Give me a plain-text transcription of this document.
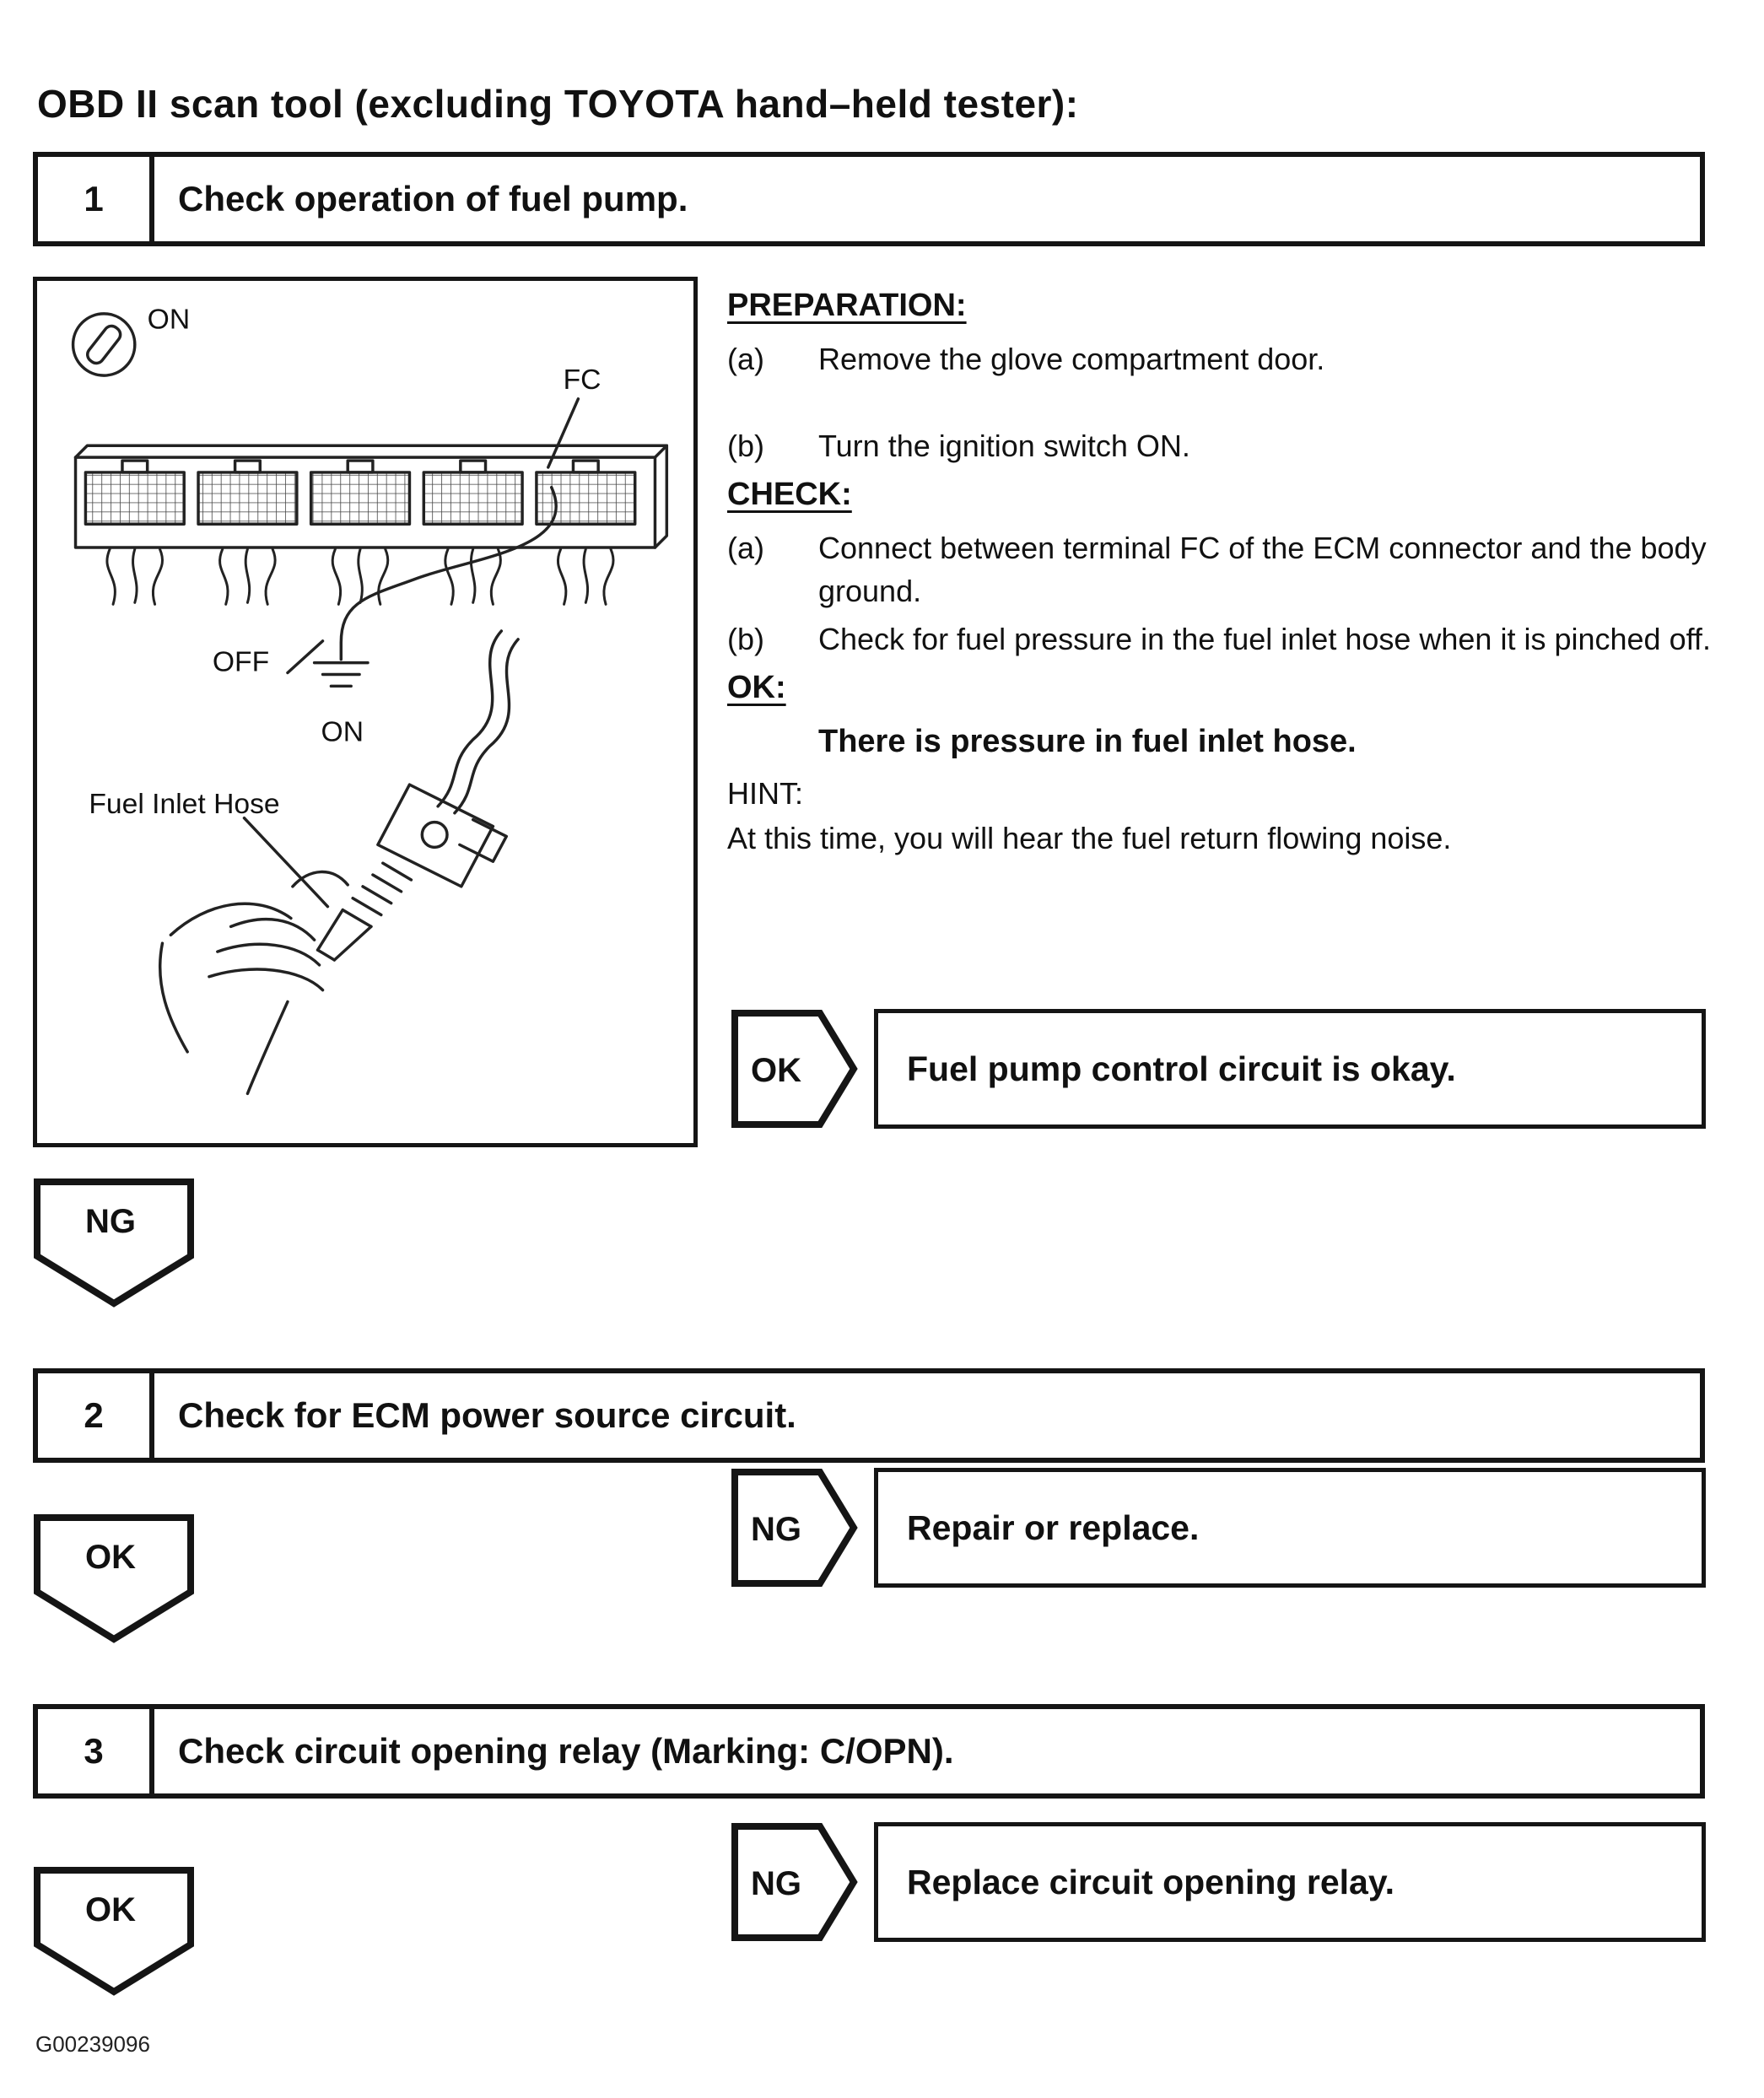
OBD II scan tool (excluding TOYOTA hand–held tester):
1	Check operation of fuel pump.
ON
FC
OFF
ON
Fuel Inlet Hose
PREPARATION:
(a)	Remove the glove compartment door.
(b)	Turn the ignition switch ON.
CHECK:
(a)	Connect between terminal FC of the ECM connector and the body ground.
(b)	Check for fuel pressure in the fuel inlet hose when it is pinched off.
OK:
There is pressure in fuel inlet hose.
HINT:
At this time, you will hear the fuel return flowing noise.
OK	Fuel pump control circuit is okay.
NG
2	Check for ECM power source circuit.
NG	Repair or replace.
OK
3	Check circuit opening relay (Marking: C/OPN).
NG	Replace circuit opening relay.
OK
G00239096
